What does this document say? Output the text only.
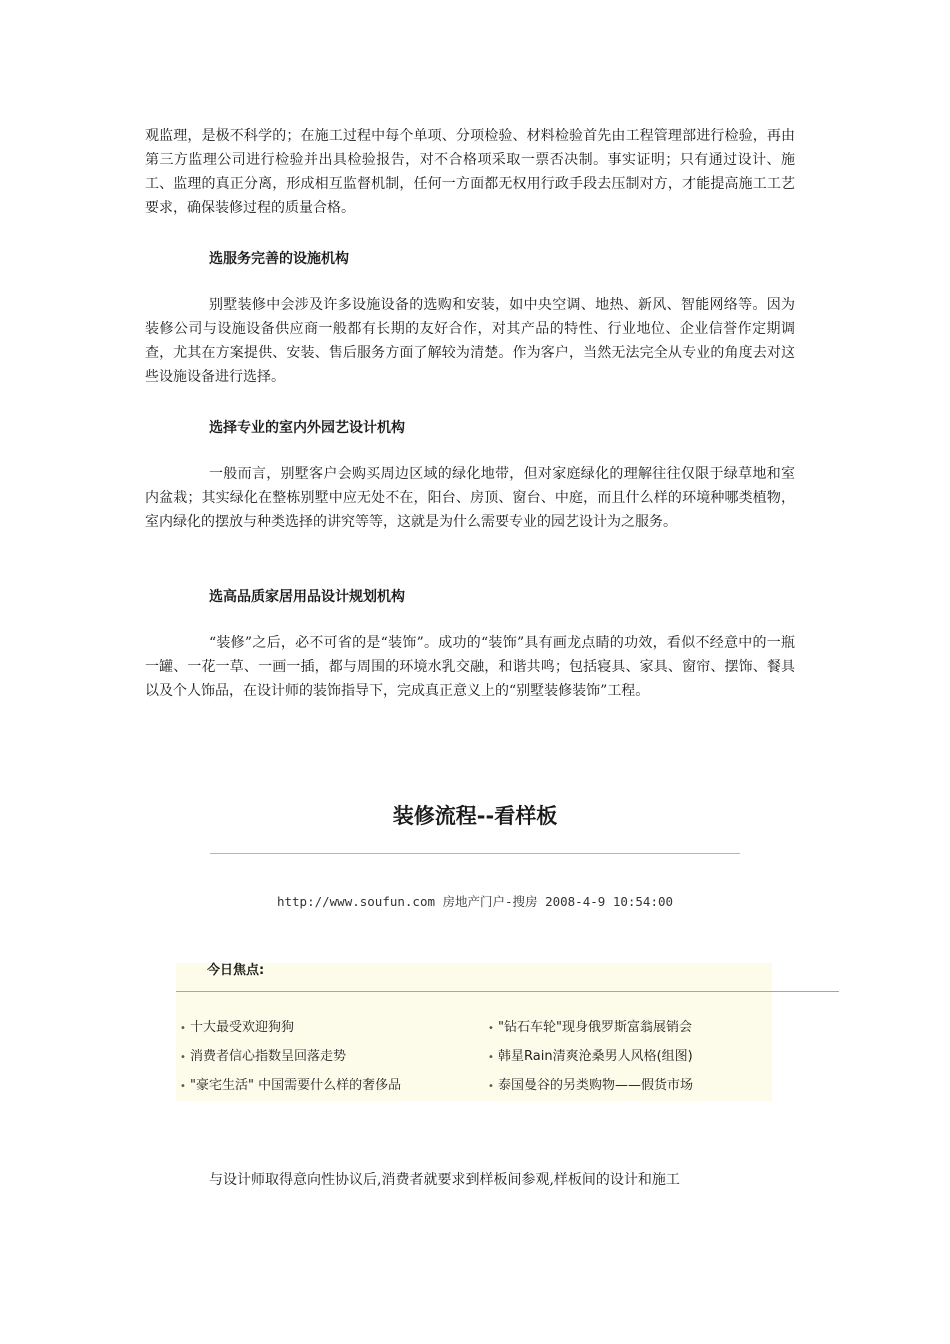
观监理，是极不科学的；在施工过程中每个单项、分项检验、材料检验首先由工程管理部进行检验，再由第三方监理公司进行检验并出具检验报告，对不合格项采取一票否决制。事实证明；只有通过设计、施工、监理的真正分离，形成相互监督机制，任何一方面都无权用行政手段去压制对方，才能提高施工工艺要求，确保装修过程的质量合格。

选服务完善的设施机构

别墅装修中会涉及许多设施设备的选购和安装，如中央空调、地热、新风、智能网络等。因为装修公司与设施设备供应商一般都有长期的友好合作，对其产品的特性、行业地位、企业信誉作定期调查，尤其在方案提供、安装、售后服务方面了解较为清楚。作为客户，当然无法完全从专业的角度去对这些设施设备进行选择。

选择专业的室内外园艺设计机构

一般而言，别墅客户会购买周边区域的绿化地带，但对家庭绿化的理解往往仅限于绿草地和室内盆栽；其实绿化在整栋别墅中应无处不在，阳台、房顶、窗台、中庭，而且什么样的环境种哪类植物，室内绿化的摆放与种类选择的讲究等等，这就是为什么需要专业的园艺设计为之服务。

选高品质家居用品设计规划机构

“装修”之后，必不可省的是“装饰”。成功的“装饰”具有画龙点睛的功效，看似不经意中的一瓶一罐、一花一草、一画一插，都与周围的环境水乳交融，和谐共鸣；包括寝具、家具、窗帘、摆饰、餐具以及个人饰品，在设计师的装饰指导下，完成真正意义上的“别墅装修装饰”工程。

装修流程--看样板
http://www.soufun.com 房地产门户-搜房 2008-4-9 10:54:00
今日焦点:
• 十大最受欢迎狗狗
• 消费者信心指数呈回落走势
• "豪宅生活" 中国需要什么样的奢侈品
• "钻石车轮"现身俄罗斯富翁展销会
• 韩星Rain清爽沧桑男人风格(组图)
• 泰国曼谷的另类购物——假货市场

与设计师取得意向性协议后,消费者就要求到样板间参观,样板间的设计和施工
